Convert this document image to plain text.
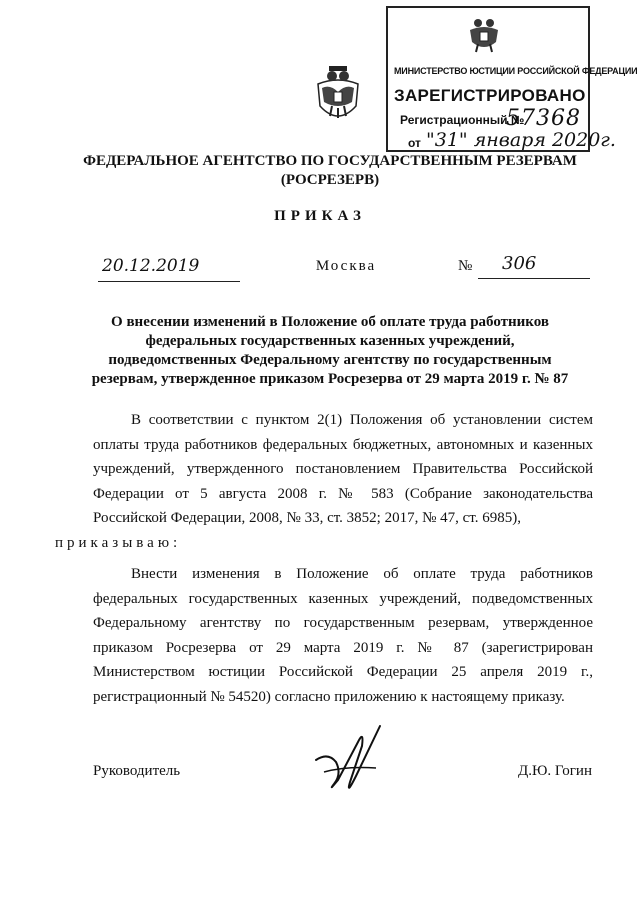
МИНИСТЕРСТВО ЮСТИЦИИ РОССИЙСКОЙ ФЕДЕРАЦИИ
ЗАРЕГИСТРИРОВАНО
Регистрационный №
57368
от "31" января 2020г.
ФЕДЕРАЛЬНОЕ АГЕНТСТВО ПО ГОСУДАРСТВЕННЫМ РЕЗЕРВАМ
(РОСРЕЗЕРВ)
ПРИКАЗ
20.12.2019	Москва	№	306
О внесении изменений в Положение об оплате труда работников федеральных государственных казенных учреждений, подведомственных Федеральному агентству по государственным резервам, утвержденное приказом Росрезерва от 29 марта 2019 г. № 87
В соответствии с пунктом 2(1) Положения об установлении систем оплаты труда работников федеральных бюджетных, автономных и казенных учреждений, утвержденного постановлением Правительства Российской Федерации от 5 августа 2008 г. № 583 (Собрание законодательства Российской Федерации, 2008, № 33, ст. 3852; 2017, № 47, ст. 6985),
приказываю:
Внести изменения в Положение об оплате труда работников федеральных государственных казенных учреждений, подведомственных Федеральному агентству по государственным резервам, утвержденное приказом Росрезерва от 29 марта 2019 г. № 87 (зарегистрирован Министерством юстиции Российской Федерации 25 апреля 2019 г., регистрационный № 54520) согласно приложению к настоящему приказу.
Руководитель	Д.Ю. Гогин
